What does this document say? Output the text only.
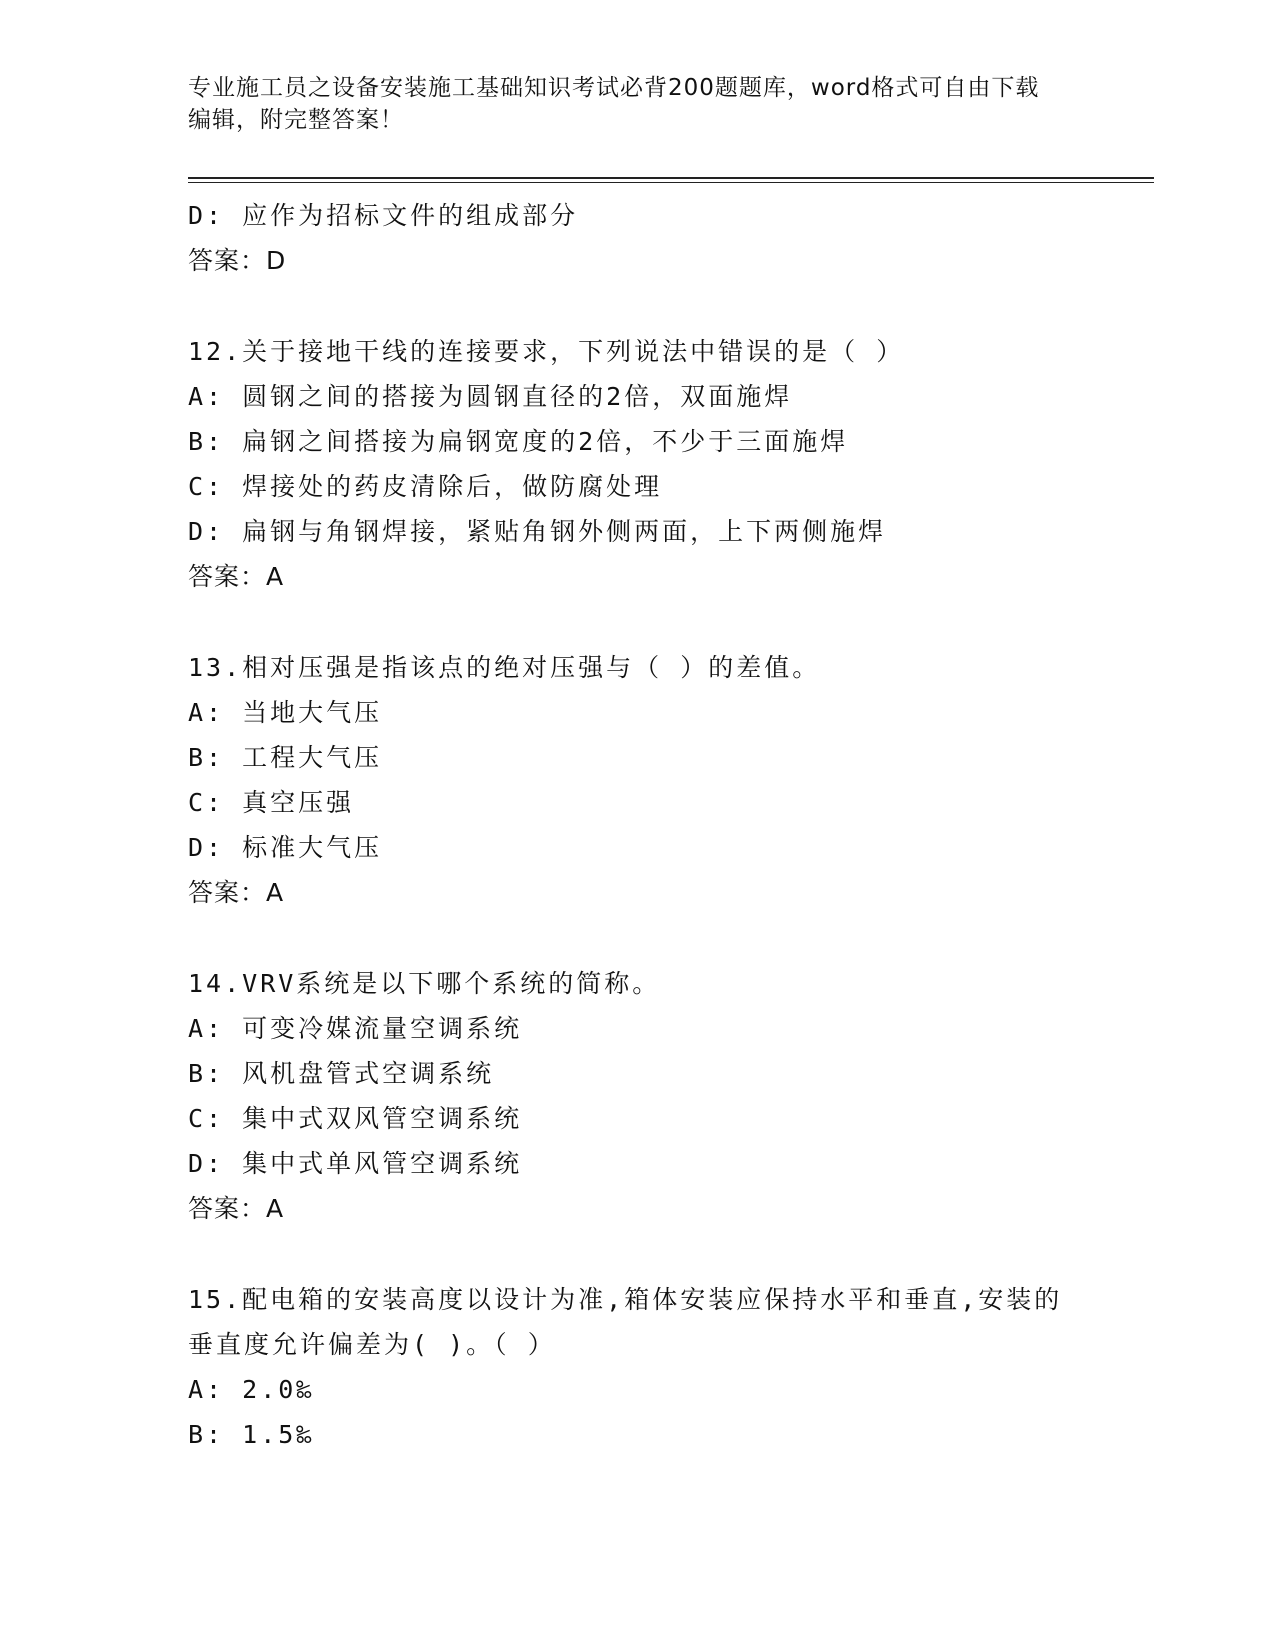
专业施工员之设备安装施工基础知识考试必背200题题库，word格式可自由下载
编辑，附完整答案！
D: 应作为招标文件的组成部分
答案：D
12.关于接地干线的连接要求，下列说法中错误的是（ ）
A: 圆钢之间的搭接为圆钢直径的2倍，双面施焊
B: 扁钢之间搭接为扁钢宽度的2倍，不少于三面施焊
C: 焊接处的药皮清除后，做防腐处理
D: 扁钢与角钢焊接，紧贴角钢外侧两面，上下两侧施焊
答案：A
13.相对压强是指该点的绝对压强与（ ）的差值。
A: 当地大气压
B: 工程大气压
C: 真空压强
D: 标准大气压
答案：A
14.VRV系统是以下哪个系统的简称。
A: 可变冷媒流量空调系统
B: 风机盘管式空调系统
C: 集中式双风管空调系统
D: 集中式单风管空调系统
答案：A
15.配电箱的安装高度以设计为准,箱体安装应保持水平和垂直,安装的
垂直度允许偏差为( )。（ ）
A: 2.0‰
B: 1.5‰
